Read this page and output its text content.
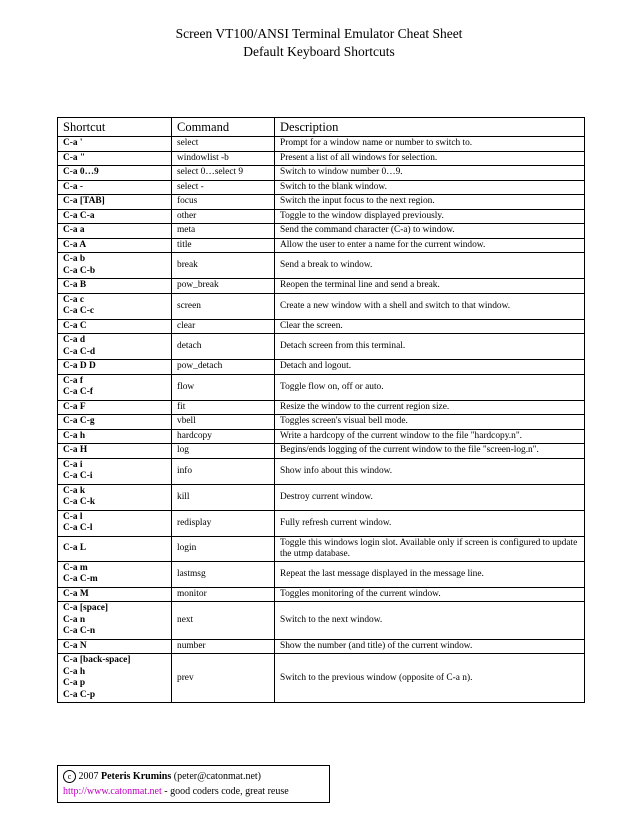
Screen VT100/ANSI Terminal Emulator Cheat Sheet
Default Keyboard Shortcuts
Shortcut	Command	Description

C-a '	select	Prompt for a window name or number to switch to.

C-a "	windowlist -b	Present a list of all windows for selection.

C-a 0…9	select 0…select 9	Switch to window number 0…9.

C-a -	select -	Switch to the blank window.

C-a [TAB]	focus	Switch the input focus to the next region.

C-a C-a	other	Toggle to the window displayed previously.

C-a a	meta	Send the command character (C-a) to window.

C-a A	title	Allow the user to enter a name for the current window.

C-a b
C-a C-b	break	Send a break to window.

C-a B	pow_break	Reopen the terminal line and send a break.

C-a c
C-a C-c	screen	Create a new window with a shell and switch to that window.

C-a C	clear	Clear the screen.

C-a d
C-a C-d	detach	Detach screen from this terminal.

C-a D D	pow_detach	Detach and logout.

C-a f
C-a C-f	flow	Toggle flow on, off or auto.

C-a F	fit	Resize the window to the current region size.

C-a C-g	vbell	Toggles screen's visual bell mode.

C-a h	hardcopy	Write a hardcopy of the current window to the file "hardcopy.n".

C-a H	log	Begins/ends logging of the current window to the file "screen-log.n".

C-a i
C-a C-i	info	Show info about this window.

C-a k
C-a C-k	kill	Destroy current window.

C-a l
C-a C-l	redisplay	Fully refresh current window.

C-a L	login	Toggle this windows login slot. Available only if screen is configured to update the utmp database.

C-a m
C-a C-m	lastmsg	Repeat the last message displayed in the message line.

C-a M	monitor	Toggles monitoring of the current window.

C-a [space]
C-a n
C-a C-n	next	Switch to the next window.

C-a N	number	Show the number (and title) of the current window.

C-a [back-space]
C-a h
C-a p
C-a C-p	prev	Switch to the previous window (opposite of C-a n).
c 2007 Peteris Krumins (peter@catonmat.net)
http://www.catonmat.net - good coders code, great reuse
